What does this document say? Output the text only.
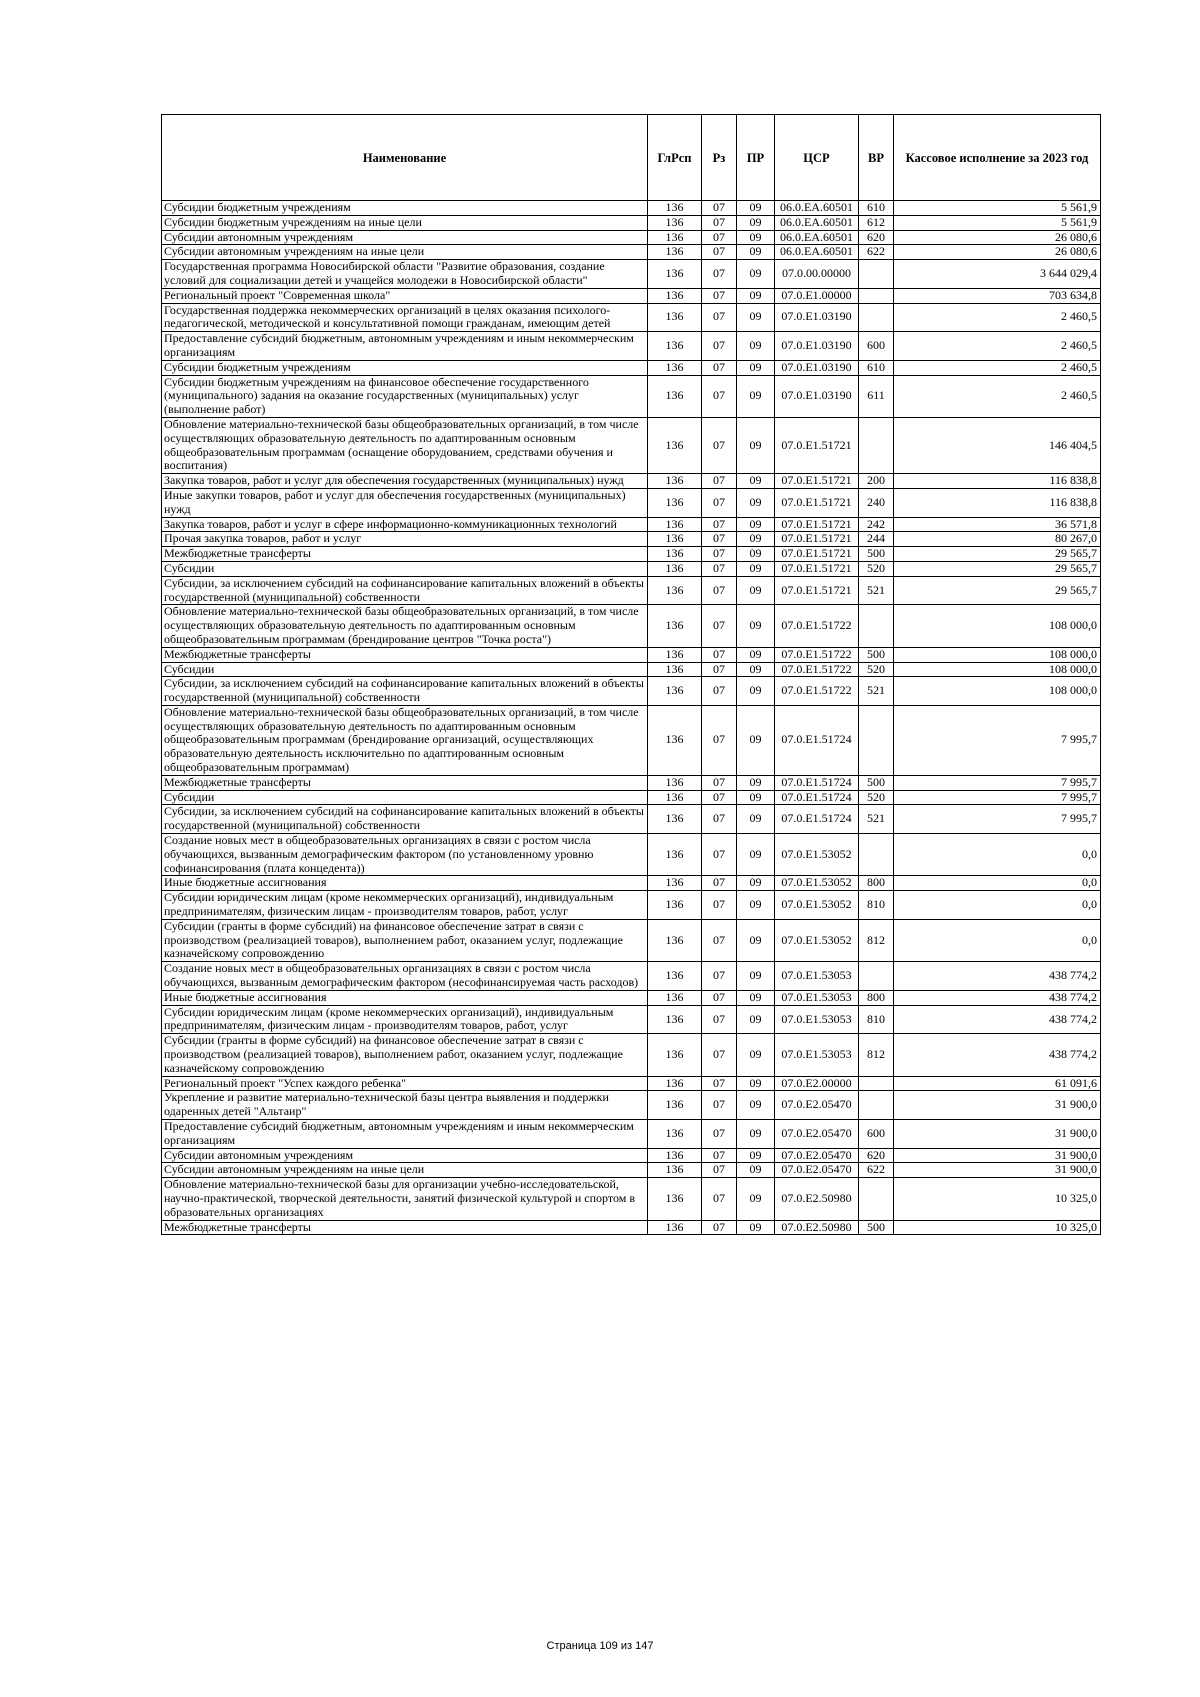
Наименование	ГлРсп	Рз	ПР	ЦСР	ВР	Кассовое исполнение за 2023 год
Субсидии бюджетным учреждениям	136	07	09	06.0.EA.60501	610	5 561,9
Субсидии бюджетным учреждениям на иные цели	136	07	09	06.0.EA.60501	612	5 561,9
Субсидии автономным учреждениям	136	07	09	06.0.EA.60501	620	26 080,6
Субсидии автономным учреждениям на иные цели	136	07	09	06.0.EA.60501	622	26 080,6
Государственная программа Новосибирской области "Развитие образования, создание условий для социализации детей и учащейся молодежи в Новосибирской области"	136	07	09	07.0.00.00000		3 644 029,4
Региональный проект "Современная школа"	136	07	09	07.0.E1.00000		703 634,8
Государственная поддержка некоммерческих организаций в целях оказания психолого-педагогической, методической и консультативной помощи гражданам, имеющим детей	136	07	09	07.0.E1.03190		2 460,5
Предоставление субсидий бюджетным, автономным учреждениям и иным некоммерческим организациям	136	07	09	07.0.E1.03190	600	2 460,5
Субсидии бюджетным учреждениям	136	07	09	07.0.E1.03190	610	2 460,5
Субсидии бюджетным учреждениям на финансовое обеспечение государственного (муниципального) задания на оказание государственных (муниципальных) услуг (выполнение работ)	136	07	09	07.0.E1.03190	611	2 460,5
Обновление материально-технической базы общеобразовательных организаций, в том числе осуществляющих образовательную деятельность по адаптированным основным общеобразовательным программам (оснащение оборудованием, средствами обучения и воспитания)	136	07	09	07.0.E1.51721		146 404,5
Закупка товаров, работ и услуг для обеспечения государственных (муниципальных) нужд	136	07	09	07.0.E1.51721	200	116 838,8
Иные закупки товаров, работ и услуг для обеспечения государственных (муниципальных) нужд	136	07	09	07.0.E1.51721	240	116 838,8
Закупка товаров, работ и услуг в сфере информационно-коммуникационных технологий	136	07	09	07.0.E1.51721	242	36 571,8
Прочая закупка товаров, работ и услуг	136	07	09	07.0.E1.51721	244	80 267,0
Межбюджетные трансферты	136	07	09	07.0.E1.51721	500	29 565,7
Субсидии	136	07	09	07.0.E1.51721	520	29 565,7
Субсидии, за исключением субсидий на софинансирование капитальных вложений в объекты государственной (муниципальной) собственности	136	07	09	07.0.E1.51721	521	29 565,7
Обновление материально-технической базы общеобразовательных организаций, в том числе осуществляющих образовательную деятельность по адаптированным основным общеобразовательным программам (брендирование центров "Точка роста")	136	07	09	07.0.E1.51722		108 000,0
Межбюджетные трансферты	136	07	09	07.0.E1.51722	500	108 000,0
Субсидии	136	07	09	07.0.E1.51722	520	108 000,0
Субсидии, за исключением субсидий на софинансирование капитальных вложений в объекты государственной (муниципальной) собственности	136	07	09	07.0.E1.51722	521	108 000,0
Обновление материально-технической базы общеобразовательных организаций, в том числе осуществляющих образовательную деятельность по адаптированным основным общеобразовательным программам (брендирование организаций, осуществляющих образовательную деятельность исключительно по адаптированным основным общеобразовательным программам)	136	07	09	07.0.E1.51724		7 995,7
Межбюджетные трансферты	136	07	09	07.0.E1.51724	500	7 995,7
Субсидии	136	07	09	07.0.E1.51724	520	7 995,7
Субсидии, за исключением субсидий на софинансирование капитальных вложений в объекты государственной (муниципальной) собственности	136	07	09	07.0.E1.51724	521	7 995,7
Создание новых мест в общеобразовательных организациях в связи с ростом числа обучающихся, вызванным демографическим фактором (по установленному уровню софинансирования (плата концедента))	136	07	09	07.0.E1.53052		0,0
Иные бюджетные ассигнования	136	07	09	07.0.E1.53052	800	0,0
Субсидии юридическим лицам (кроме некоммерческих организаций), индивидуальным предпринимателям, физическим лицам - производителям товаров, работ, услуг	136	07	09	07.0.E1.53052	810	0,0
Субсидии (гранты в форме субсидий) на финансовое обеспечение затрат в связи с производством (реализацией товаров), выполнением работ, оказанием услуг, подлежащие казначейскому сопровождению	136	07	09	07.0.E1.53052	812	0,0
Создание новых мест в общеобразовательных организациях в связи с ростом числа обучающихся, вызванным демографическим фактором (несофинансируемая часть расходов)	136	07	09	07.0.E1.53053		438 774,2
Иные бюджетные ассигнования	136	07	09	07.0.E1.53053	800	438 774,2
Субсидии юридическим лицам (кроме некоммерческих организаций), индивидуальным предпринимателям, физическим лицам - производителям товаров, работ, услуг	136	07	09	07.0.E1.53053	810	438 774,2
Субсидии (гранты в форме субсидий) на финансовое обеспечение затрат в связи с производством (реализацией товаров), выполнением работ, оказанием услуг, подлежащие казначейскому сопровождению	136	07	09	07.0.E1.53053	812	438 774,2
Региональный проект "Успех каждого ребенка"	136	07	09	07.0.E2.00000		61 091,6
Укрепление и развитие материально-технической базы центра выявления и поддержки одаренных детей "Альтаир"	136	07	09	07.0.E2.05470		31 900,0
Предоставление субсидий бюджетным, автономным учреждениям и иным некоммерческим организациям	136	07	09	07.0.E2.05470	600	31 900,0
Субсидии автономным учреждениям	136	07	09	07.0.E2.05470	620	31 900,0
Субсидии автономным учреждениям на иные цели	136	07	09	07.0.E2.05470	622	31 900,0
Обновление материально-технической базы для организации учебно-исследовательской, научно-практической, творческой деятельности, занятий физической культурой и спортом в образовательных организациях	136	07	09	07.0.E2.50980		10 325,0
Межбюджетные трансферты	136	07	09	07.0.E2.50980	500	10 325,0
Страница 109 из 147
